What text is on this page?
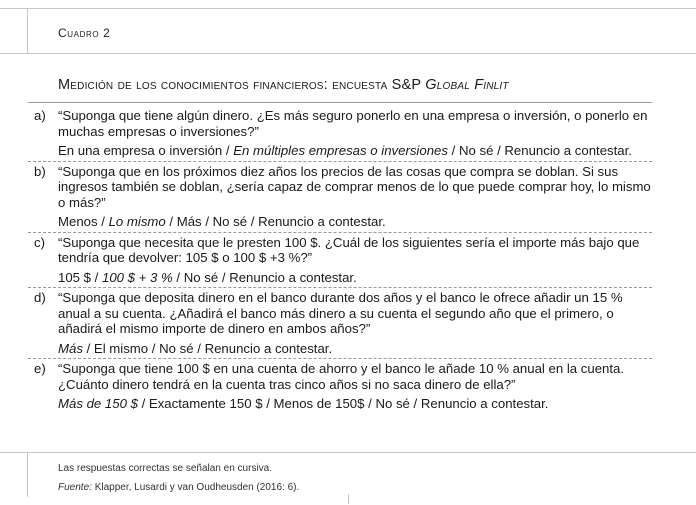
Cuadro 2
Medición de los conocimientos financieros: encuesta S&P Global Finlit
a) “Suponga que tiene algún dinero. ¿Es más seguro ponerlo en una empresa o inversión, o ponerlo en muchas empresas o inversiones?”

En una empresa o inversión / En múltiples empresas o inversiones / No sé / Renuncio a contestar.

b) “Suponga que en los próximos diez años los precios de las cosas que compra se doblan. Si sus ingresos también se doblan, ¿sería capaz de comprar menos de lo que puede comprar hoy, lo mismo o más?”

Menos / Lo mismo / Más / No sé / Renuncio a contestar.

c) “Suponga que necesita que le presten 100 $. ¿Cuál de los siguientes sería el importe más bajo que tendría que devolver: 105 $ o 100 $ +3 %?”

105 $ / 100 $ + 3 % / No sé / Renuncio a contestar.

d) “Suponga que deposita dinero en el banco durante dos años y el banco le ofrece añadir un 15 % anual a su cuenta. ¿Añadirá el banco más dinero a su cuenta el segundo año que el primero, o añadirá el mismo importe de dinero en ambos años?”

Más / El mismo / No sé / Renuncio a contestar.

e) “Suponga que tiene 100 $ en una cuenta de ahorro y el banco le añade 10 % anual en la cuenta. ¿Cuánto dinero tendrá en la cuenta tras cinco años si no saca dinero de ella?”

Más de 150 $ / Exactamente 150 $ / Menos de 150$ / No sé / Renuncio a contestar.

Las respuestas correctas se señalan en cursiva.
Fuente: Klapper, Lusardi y van Oudheusden (2016: 6).
